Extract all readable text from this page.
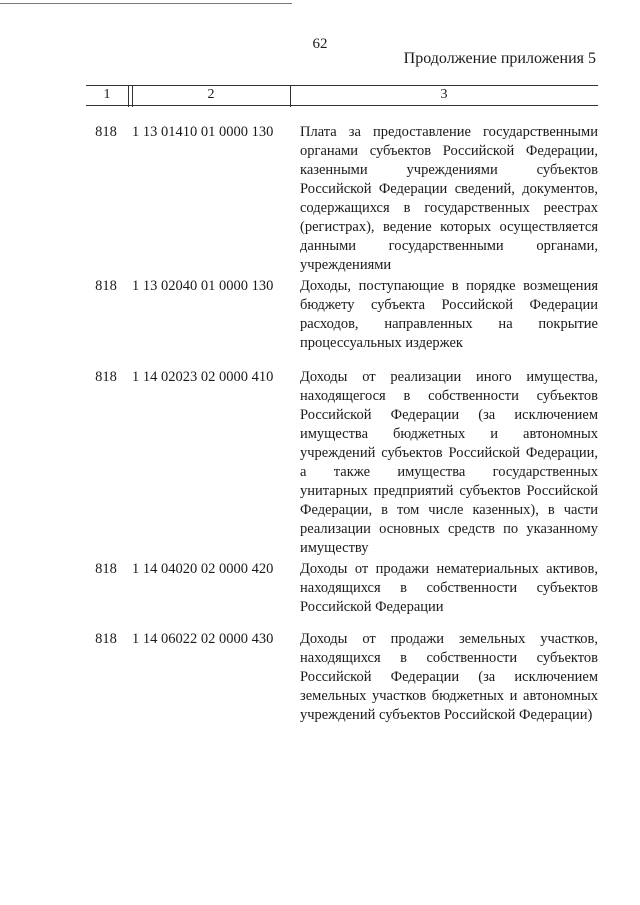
62
Продолжение приложения 5
1	2	3
818	1 13 01410 01 0000 130	Плата за предоставление государственными органами субъектов Российской Федерации, казенными учреждениями субъектов Российской Федерации сведений, документов, содержащихся в государственных реестрах (регистрах), ведение которых осуществляется данными государственными органами, учреждениями
818	1 13 02040 01 0000 130	Доходы, поступающие в порядке возмещения бюджету субъекта Российской Федерации расходов, направленных на покрытие процессуальных издержек
818	1 14 02023 02 0000 410	Доходы от реализации иного имущества, находящегося в собственности субъектов Российской Федерации (за исключением имущества бюджетных и автономных учреждений субъектов Российской Федерации, а также имущества государственных унитарных предприятий субъектов Российской Федерации, в том числе казенных), в части реализации основных средств по указанному имуществу
818	1 14 04020 02 0000 420	Доходы от продажи нематериальных активов, находящихся в собственности субъектов Российской Федерации
818	1 14 06022 02 0000 430	Доходы от продажи земельных участков, находящихся в собственности субъектов Российской Федерации (за исключением земельных участков бюджетных и автономных учреждений субъектов Российской Федерации)
